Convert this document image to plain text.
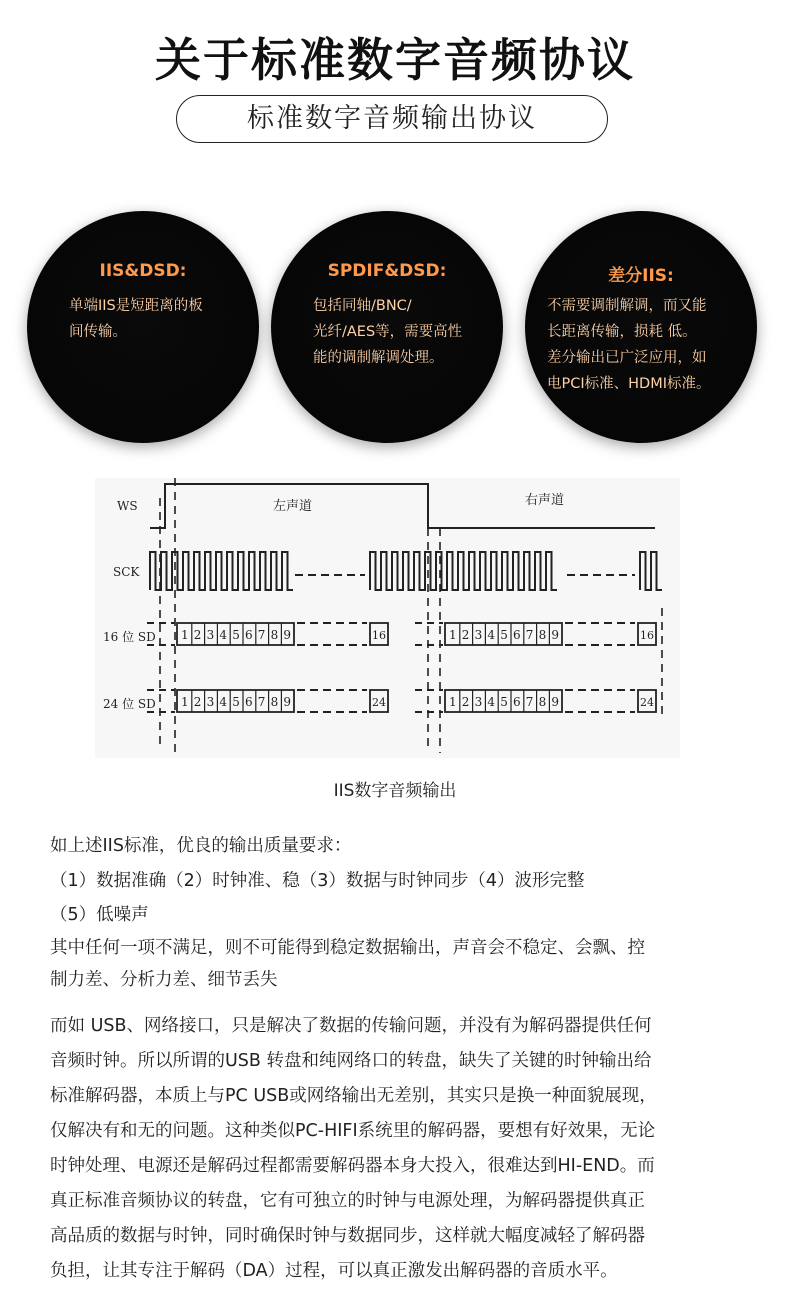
关于标准数字音频协议
标准数字音频输出协议
IIS&DSD:
单端IIS是短距离的板
间传输。
SPDIF&DSD:
包括同轴/BNC/
光纤/AES等，需要高性
能的调制解调处理。
差分IIS:
不需要调制解调，而又能
长距离传输，损耗 低。
差分输出已广泛应用，如
电PCI标准、HDMI标准。
WS
SCK
16 位 SD
24 位 SD
左声道	右声道
1 2 3 4 5 6 7 8 9	16	1 2 3 4 5 6 7 8 9	16
1 2 3 4 5 6 7 8 9	24	1 2 3 4 5 6 7 8 9	24
IIS数字音频输出
如上述IIS标准，优良的输出质量要求：
（1）数据准确（2）时钟准、稳（3）数据与时钟同步（4）波形完整
（5）低噪声
其中任何一项不满足，则不可能得到稳定数据输出，声音会不稳定、会飘、控
制力差、分析力差、细节丢失
而如 USB、网络接口，只是解决了数据的传输问题，并没有为解码器提供任何
音频时钟。所以所谓的USB 转盘和纯网络口的转盘，缺失了关键的时钟输出给
标准解码器，本质上与PC USB或网络输出无差别，其实只是换一种面貌展现，
仅解决有和无的问题。这种类似PC-HIFI系统里的解码器，要想有好效果，无论
时钟处理、电源还是解码过程都需要解码器本身大投入，很难达到HI-END。而
真正标准音频协议的转盘，它有可独立的时钟与电源处理，为解码器提供真正
高品质的数据与时钟，同时确保时钟与数据同步，这样就大幅度减轻了解码器
负担，让其专注于解码（DA）过程，可以真正激发出解码器的音质水平。
